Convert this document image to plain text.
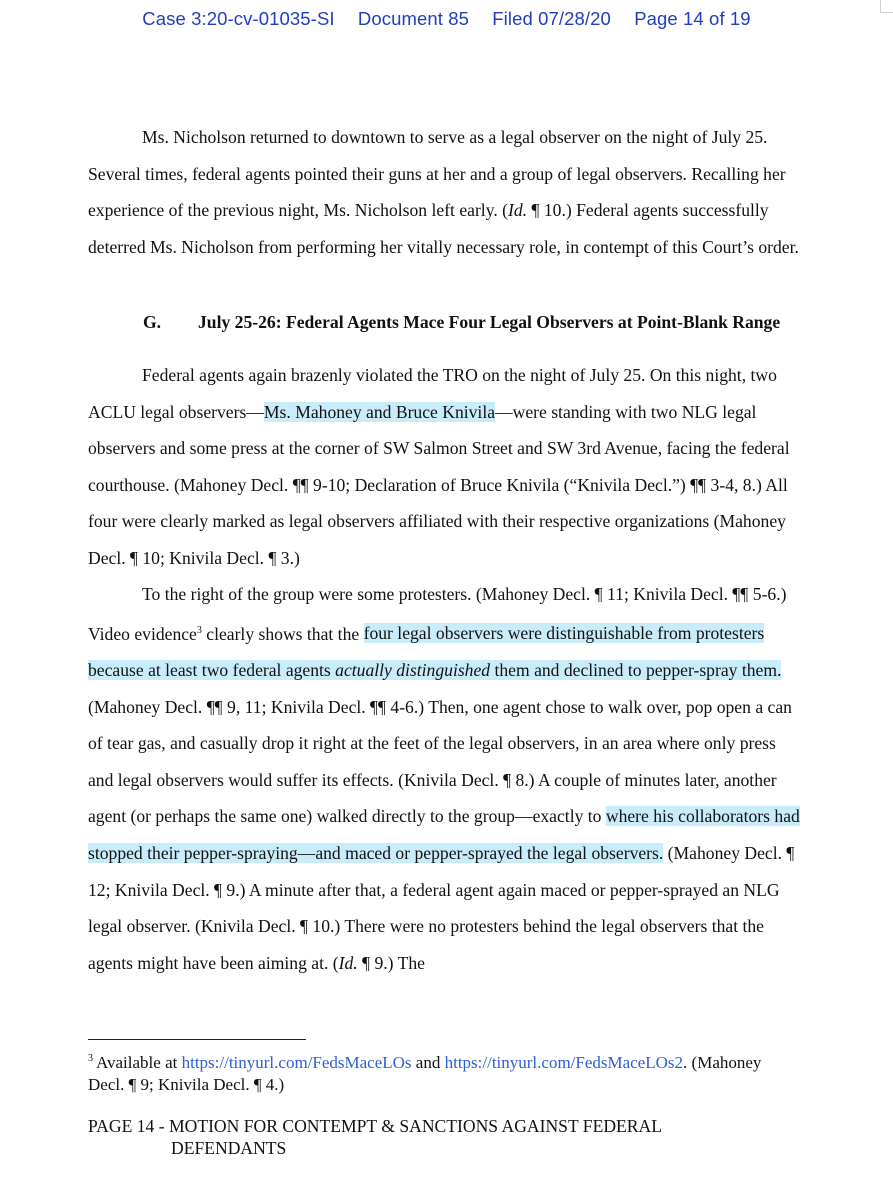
Case 3:20-cv-01035-SI Document 85 Filed 07/28/20 Page 14 of 19

Ms. Nicholson returned to downtown to serve as a legal observer on the night of July 25. Several times, federal agents pointed their guns at her and a group of legal observers. Recalling her experience of the previous night, Ms. Nicholson left early. (Id. ¶ 10.) Federal agents successfully deterred Ms. Nicholson from performing her vitally necessary role, in contempt of this Court’s order.

G. July 25-26: Federal Agents Mace Four Legal Observers at Point-Blank Range

Federal agents again brazenly violated the TRO on the night of July 25. On this night, two ACLU legal observers—Ms. Mahoney and Bruce Knivila—were standing with two NLG legal observers and some press at the corner of SW Salmon Street and SW 3rd Avenue, facing the federal courthouse. (Mahoney Decl. ¶¶ 9-10; Declaration of Bruce Knivila (“Knivila Decl.”) ¶¶ 3-4, 8.) All four were clearly marked as legal observers affiliated with their respective organizations (Mahoney Decl. ¶ 10; Knivila Decl. ¶ 3.)

To the right of the group were some protesters. (Mahoney Decl. ¶ 11; Knivila Decl. ¶¶ 5-6.) Video evidence$^3$ clearly shows that the four legal observers were distinguishable from protesters because at least two federal agents actually distinguished them and declined to pepper-spray them. (Mahoney Decl. ¶¶ 9, 11; Knivila Decl. ¶¶ 4-6.) Then, one agent chose to walk over, pop open a can of tear gas, and casually drop it right at the feet of the legal observers, in an area where only press and legal observers would suffer its effects. (Knivila Decl. ¶ 8.) A couple of minutes later, another agent (or perhaps the same one) walked directly to the group—exactly to where his collaborators had stopped their pepper-spraying—and maced or pepper-sprayed the legal observers. (Mahoney Decl. ¶ 12; Knivila Decl. ¶ 9.) A minute after that, a federal agent again maced or pepper-sprayed an NLG legal observer. (Knivila Decl. ¶ 10.) There were no protesters behind the legal observers that the agents might have been aiming at. (Id. ¶ 9.) The

$^3$ Available at https://tinyurl.com/FedsMaceLOs and https://tinyurl.com/FedsMaceLOs2. (Mahoney Decl. ¶ 9; Knivila Decl. ¶ 4.)
PAGE 14 - MOTION FOR CONTEMPT & SANCTIONS AGAINST FEDERAL
DEFENDANTS
